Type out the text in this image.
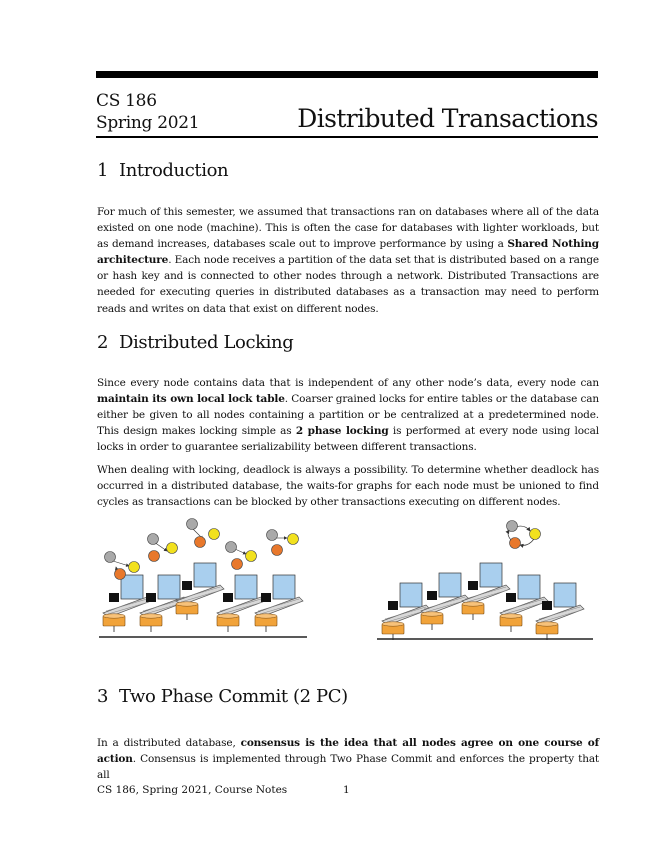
CS 186
Spring 2021	Distributed Transactions
1 Introduction
For much of this semester, we assumed that transactions ran on databases where all of the data existed on one node (machine). This is often the case for databases with lighter workloads, but as demand increases, databases scale out to improve performance by using a Shared Nothing architecture. Each node receives a partition of the data set that is distributed based on a range or hash key and is connected to other nodes through a network. Distributed Transactions are needed for executing queries in distributed databases as a transaction may need to perform reads and writes on data that exist on different nodes.
2 Distributed Locking
Since every node contains data that is independent of any other node’s data, every node can maintain its own local lock table. Coarser grained locks for entire tables or the database can either be given to all nodes containing a partition or be centralized at a predetermined node. This design makes locking simple as 2 phase locking is performed at every node using local locks in order to guarantee serializability between different transactions.
When dealing with locking, deadlock is always a possibility. To determine whether deadlock has occurred in a distributed database, the waits-for graphs for each node must be unioned to find cycles as transactions can be blocked by other transactions executing on different nodes.
3 Two Phase Commit (2 PC)
In a distributed database, consensus is the idea that all nodes agree on one course of action. Consensus is implemented through Two Phase Commit and enforces the property that all
CS 186, Spring 2021, Course Notes	1
